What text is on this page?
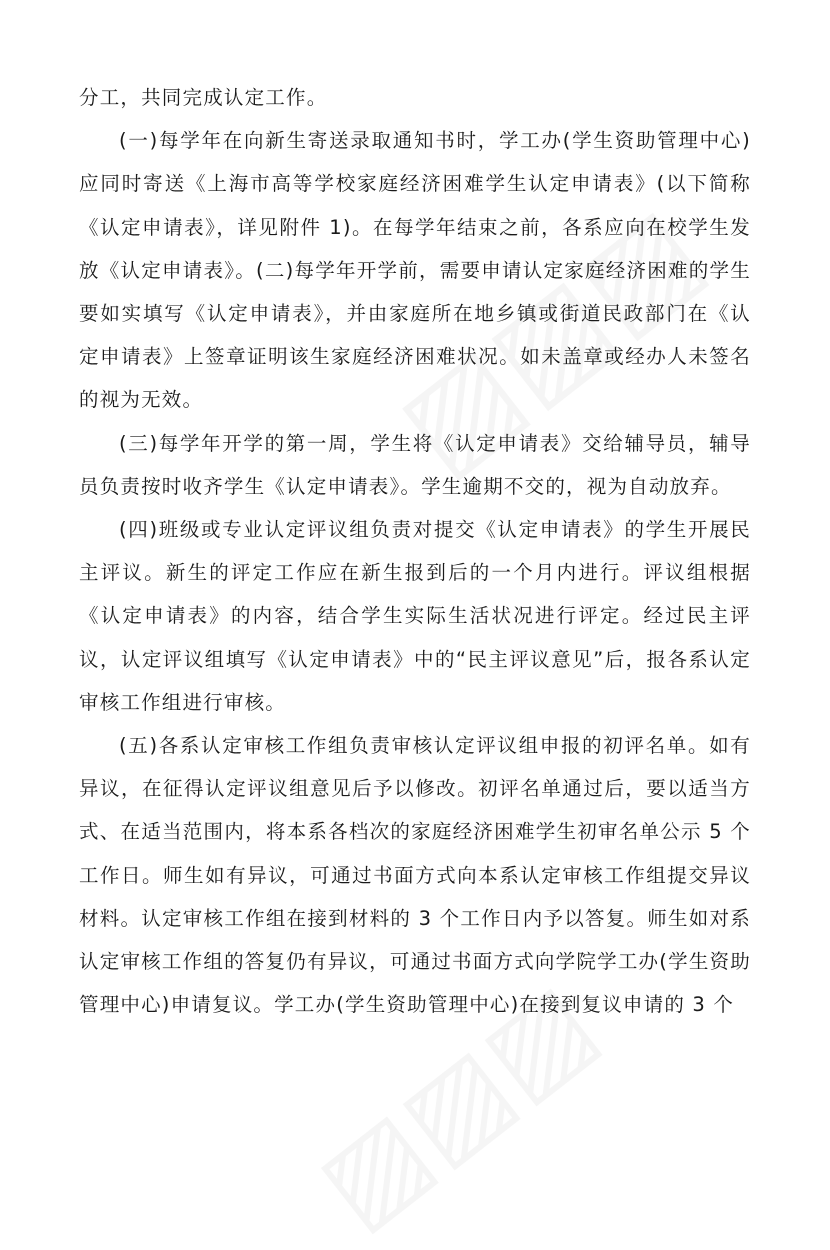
分工，共同完成认定工作。

(一)每学年在向新生寄送录取通知书时，学工办(学生资助管理中心)应同时寄送《上海市高等学校家庭经济困难学生认定申请表》(以下简称《认定申请表》，详见附件 1)。在每学年结束之前，各系应向在校学生发放《认定申请表》。(二)每学年开学前，需要申请认定家庭经济困难的学生要如实填写《认定申请表》，并由家庭所在地乡镇或街道民政部门在《认定申请表》上签章证明该生家庭经济困难状况。如未盖章或经办人未签名的视为无效。

(三)每学年开学的第一周，学生将《认定申请表》交给辅导员，辅导员负责按时收齐学生《认定申请表》。学生逾期不交的，视为自动放弃。

(四)班级或专业认定评议组负责对提交《认定申请表》的学生开展民主评议。新生的评定工作应在新生报到后的一个月内进行。评议组根据《认定申请表》的内容，结合学生实际生活状况进行评定。经过民主评议，认定评议组填写《认定申请表》中的“民主评议意见”后，报各系认定审核工作组进行审核。

(五)各系认定审核工作组负责审核认定评议组申报的初评名单。如有异议，在征得认定评议组意见后予以修改。初评名单通过后，要以适当方式、在适当范围内，将本系各档次的家庭经济困难学生初审名单公示 5 个工作日。师生如有异议，可通过书面方式向本系认定审核工作组提交异议材料。认定审核工作组在接到材料的 3 个工作日内予以答复。师生如对系认定审核工作组的答复仍有异议，可通过书面方式向学院学工办(学生资助管理中心)申请复议。学工办(学生资助管理中心)在接到复议申请的 3 个
